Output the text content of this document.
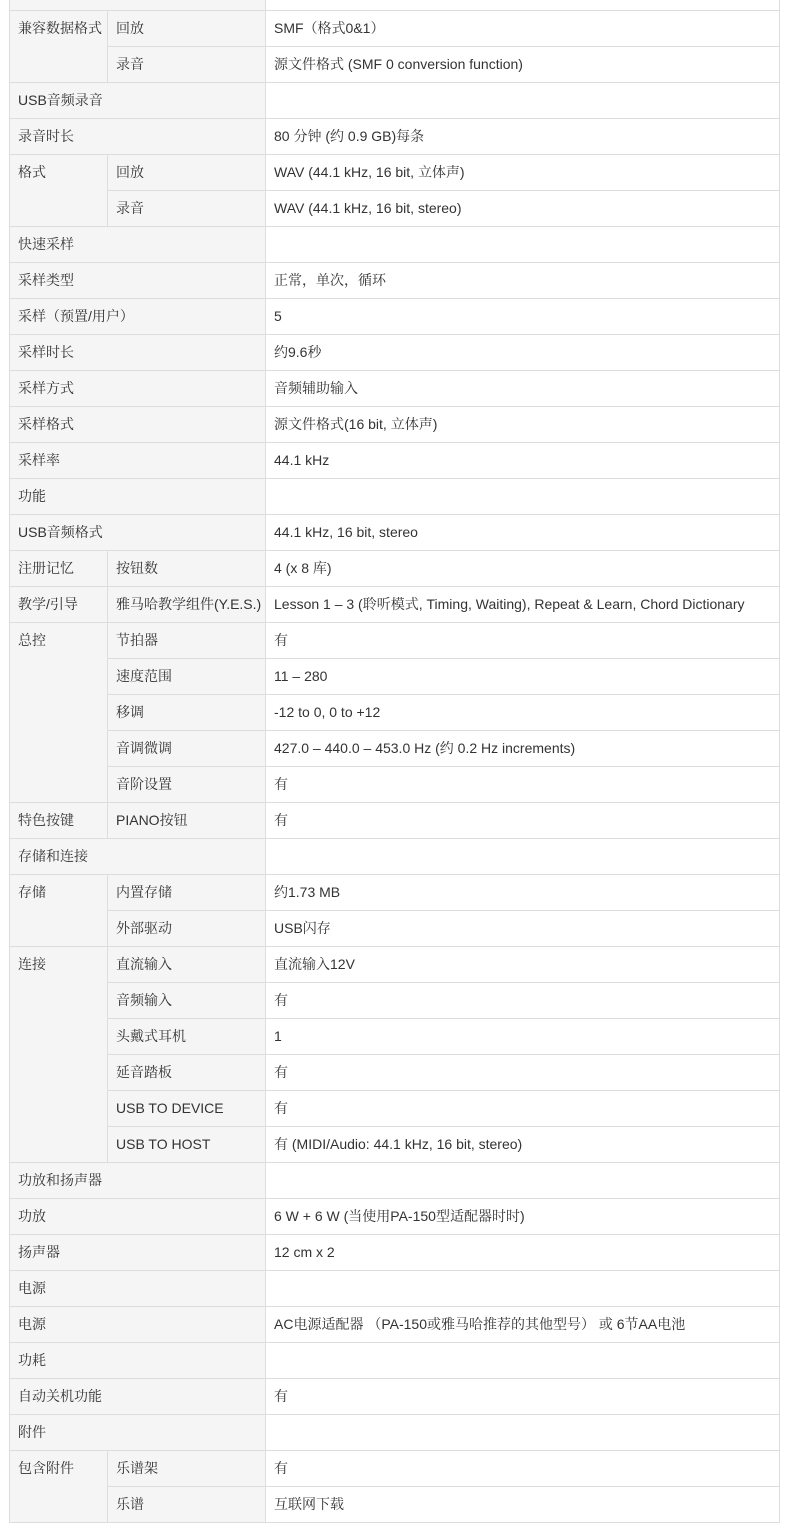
兼容数据格式	回放	SMF（格式0&1）
	录音	源文件格式 (SMF 0 conversion function)
USB音频录音		
录音时长		80 分钟 (约 0.9 GB)每条
格式	回放	WAV (44.1 kHz, 16 bit, 立体声)
	录音	WAV (44.1 kHz, 16 bit, stereo)
快速采样		
采样类型		正常，单次，循环
采样（预置/用户）		5
采样时长		约9.6秒
采样方式		音频辅助输入
采样格式		源文件格式(16 bit, 立体声)
采样率		44.1 kHz
功能		
USB音频格式		44.1 kHz, 16 bit, stereo
注册记忆	按钮数	4 (x 8 库)
教学/引导	雅马哈教学组件(Y.E.S.)	Lesson 1 – 3 (聆听模式, Timing, Waiting), Repeat & Learn, Chord Dictionary
总控	节拍器	有
	速度范围	11 – 280
	移调	-12 to 0, 0 to +12
	音调微调	427.0 – 440.0 – 453.0 Hz (约 0.2 Hz increments)
	音阶设置	有
特色按键	PIANO按钮	有
存储和连接		
存储	内置存储	约1.73 MB
	外部驱动	USB闪存
连接	直流输入	直流输入12V
	音频输入	有
	头戴式耳机	1
	延音踏板	有
	USB TO DEVICE	有
	USB TO HOST	有 (MIDI/Audio: 44.1 kHz, 16 bit, stereo)
功放和扬声器		
功放		6 W + 6 W (当使用PA-150型适配器时时)
扬声器		12 cm x 2
电源		
电源		AC电源适配器 （PA-150或雅马哈推荐的其他型号） 或 6节AA电池
功耗		
自动关机功能		有
附件		
包含附件	乐谱架	有
	乐谱	互联网下载
